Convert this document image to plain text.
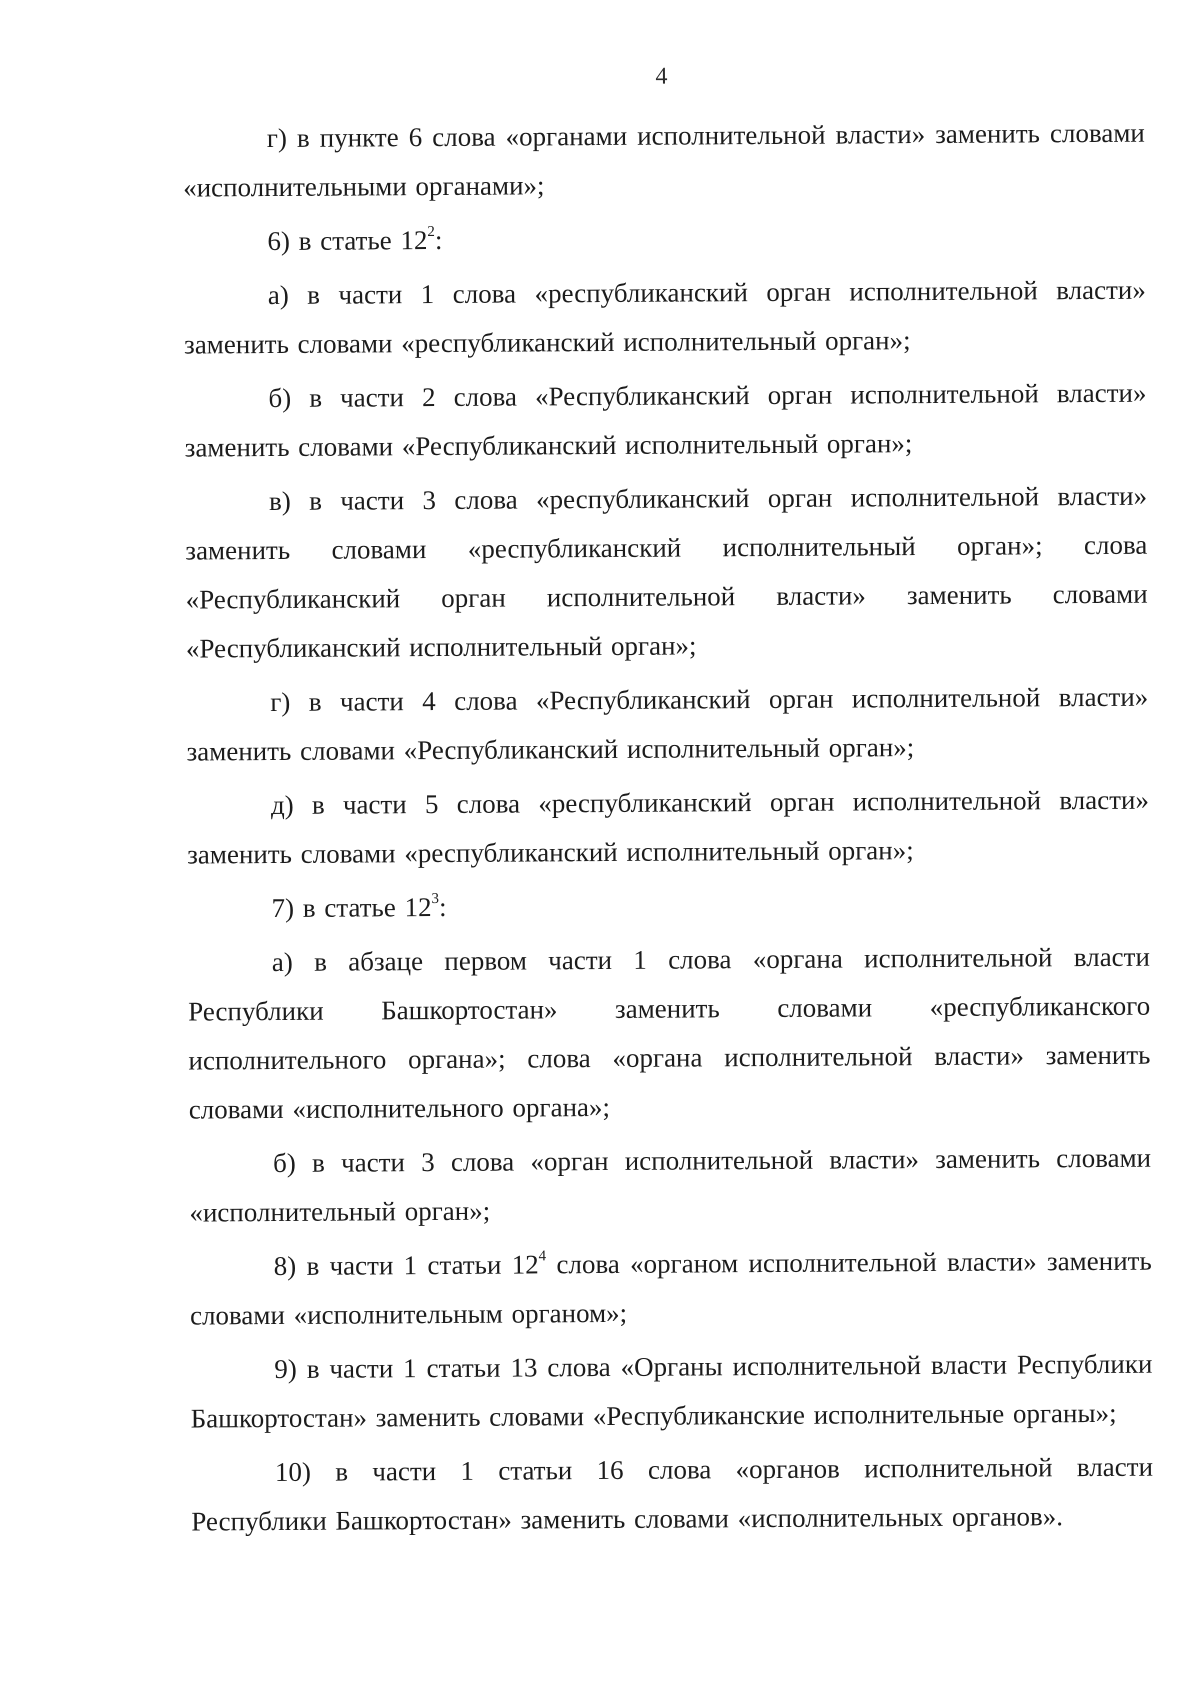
4

г) в пункте 6 слова «органами исполнительной власти» заменить словами «исполнительными органами»;

6) в статье $12^2$:

а) в части 1 слова «республиканский орган исполнительной власти» заменить словами «республиканский исполнительный орган»;

б) в части 2 слова «Республиканский орган исполнительной власти» заменить словами «Республиканский исполнительный орган»;

в) в части 3 слова «республиканский орган исполнительной власти» заменить словами «республиканский исполнительный орган»; слова «Республиканский орган исполнительной власти» заменить словами «Республиканский исполнительный орган»;

г) в части 4 слова «Республиканский орган исполнительной власти» заменить словами «Республиканский исполнительный орган»;

д) в части 5 слова «республиканский орган исполнительной власти» заменить словами «республиканский исполнительный орган»;

7) в статье $12^3$:

а) в абзаце первом части 1 слова «органа исполнительной власти Республики Башкортостан» заменить словами «республиканского исполнительного органа»; слова «органа исполнительной власти» заменить словами «исполнительного органа»;

б) в части 3 слова «орган исполнительной власти» заменить словами «исполнительный орган»;

8) в части 1 статьи $12^4$ слова «органом исполнительной власти» заменить словами «исполнительным органом»;

9) в части 1 статьи 13 слова «Органы исполнительной власти Республики Башкортостан» заменить словами «Республиканские исполнительные органы»;

10) в части 1 статьи 16 слова «органов исполнительной власти Республики Башкортостан» заменить словами «исполнительных органов».
